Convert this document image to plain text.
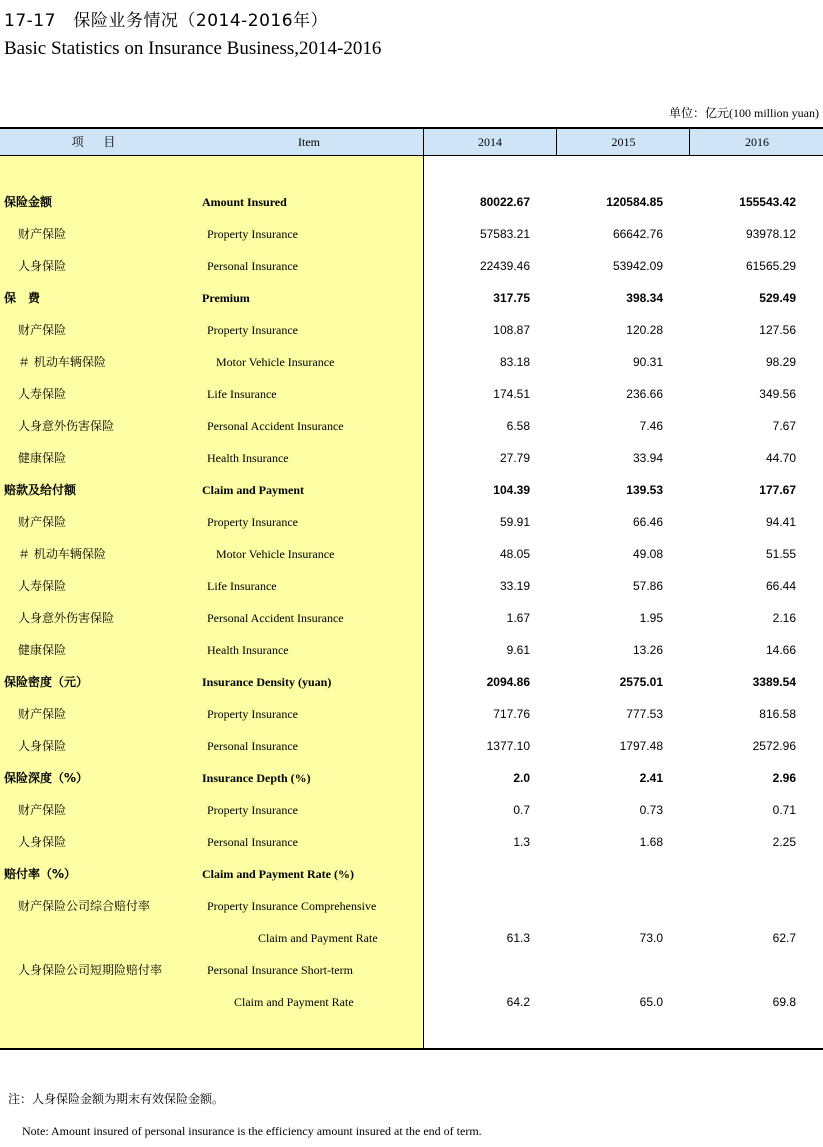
17-17　保险业务情况（2014-2016年）
Basic Statistics on Insurance Business,2014-2016
单位：亿元(100 million yuan)
项 目	Item	2014	2015	2016
保险金额	Amount Insured	80022.67	120584.85	155543.42
财产保险	Property Insurance	57583.21	66642.76	93978.12
人身保险	Personal Insurance	22439.46	53942.09	61565.29
保　费	Premium	317.75	398.34	529.49
财产保险	Property Insurance	108.87	120.28	127.56
＃ 机动车辆保险	Motor Vehicle Insurance	83.18	90.31	98.29
人寿保险	Life Insurance	174.51	236.66	349.56
人身意外伤害保险	Personal Accident Insurance	6.58	7.46	7.67
健康保险	Health Insurance	27.79	33.94	44.70
赔款及给付额	Claim and Payment	104.39	139.53	177.67
财产保险	Property Insurance	59.91	66.46	94.41
＃ 机动车辆保险	Motor Vehicle Insurance	48.05	49.08	51.55
人寿保险	Life Insurance	33.19	57.86	66.44
人身意外伤害保险	Personal Accident Insurance	1.67	1.95	2.16
健康保险	Health Insurance	9.61	13.26	14.66
保险密度（元）	Insurance Density (yuan)	2094.86	2575.01	3389.54
财产保险	Property Insurance	717.76	777.53	816.58
人身保险	Personal Insurance	1377.10	1797.48	2572.96
保险深度（%）	Insurance Depth (%)	2.0	2.41	2.96
财产保险	Property Insurance	0.7	0.73	0.71
人身保险	Personal Insurance	1.3	1.68	2.25
赔付率（%）	Claim and Payment Rate (%)
财产保险公司综合赔付率	Property Insurance Comprehensive
Claim and Payment Rate	61.3	73.0	62.7
人身保险公司短期险赔付率	Personal Insurance Short-term
Claim and Payment Rate	64.2	65.0	69.8
注：人身保险金额为期末有效保险金额。
Note: Amount insured of personal insurance is the efficiency amount insured at the end of term.
